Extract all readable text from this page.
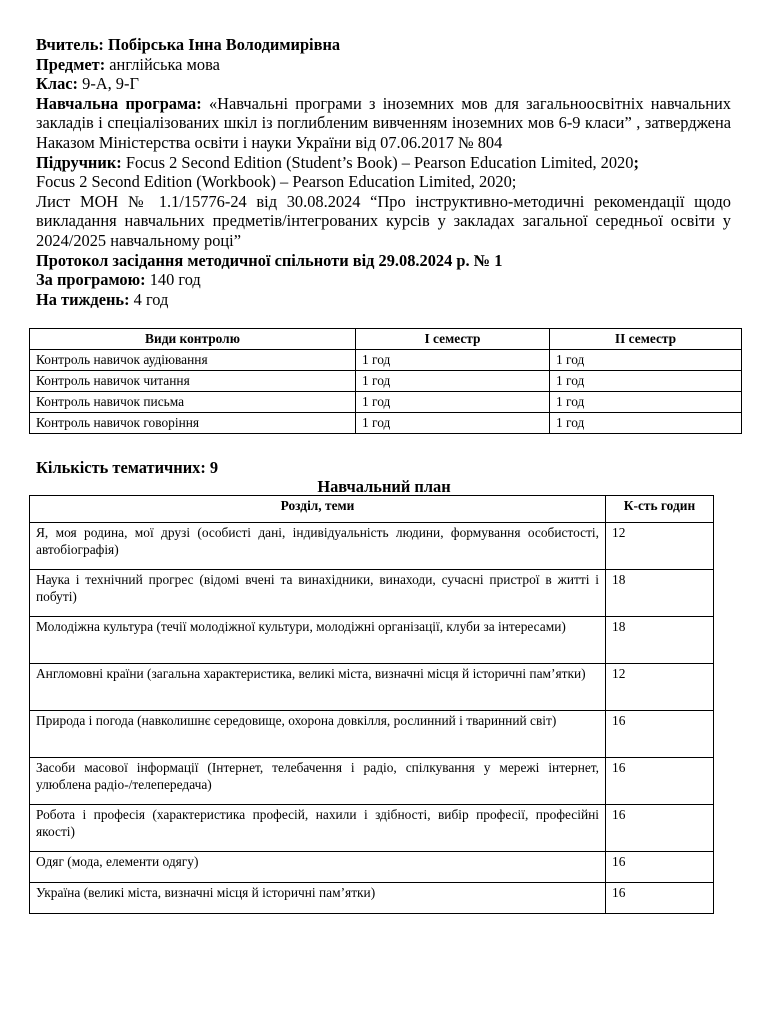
Вчитель: Побірська Інна Володимирівна

Предмет: англійська мова

Клас: 9-А, 9-Г

Навчальна програма: «Навчальні програми з іноземних мов для загальноосвітніх навчальних закладів і спеціалізованих шкіл із поглибленим вивченням іноземних мов 6-9 класи” , затверджена Наказом Міністерства освіти і науки України від 07.06.2017 № 804

Підручник: Focus 2 Second Edition (Student’s Book) – Pearson Education Limited, 2020;

Focus 2 Second Edition (Workbook) – Pearson Education Limited, 2020;

Лист МОН № 1.1/15776-24 від 30.08.2024 “Про інструктивно-методичні рекомендації щодо викладання навчальних предметів/інтегрованих курсів у закладах загальної середньої освіти у 2024/2025 навчальному році”

Протокол засідання методичної спільноти від 29.08.2024 р. № 1

За програмою: 140 год

На тиждень: 4 год

Види контролю	І семестр	ІІ семестр
Контроль навичок аудіювання	1 год	1 год
Контроль навичок читання	1 год	1 год
Контроль навичок письма	1 год	1 год
Контроль навичок говоріння	1 год	1 год
Кількість тематичних: 9
Навчальний план
Розділ, теми	К-сть годин
Я, моя родина, мої друзі (особисті дані, індивідуальність людини, формування особистості, автобіографія)	12
Наука і технічний прогрес (відомі вчені та винахідники, винаходи, сучасні пристрої в житті і побуті)	18
Молодіжна культура (течії молодіжної культури, молодіжні організації, клуби за інтересами)	18
Англомовні країни (загальна характеристика, великі міста, визначні місця й історичні пам’ятки)	12
Природа і погода (навколишнє середовище, охорона довкілля, рослинний і тваринний світ)	16
Засоби масової інформації (Інтернет, телебачення і радіо, спілкування у мережі інтернет, улюблена радіо-/телепередача)	16
Робота і професія (характеристика професій, нахили і здібності, вибір професії, професійні якості)	16
Одяг (мода, елементи одягу)	16
Україна (великі міста, визначні місця й історичні пам’ятки)	16
